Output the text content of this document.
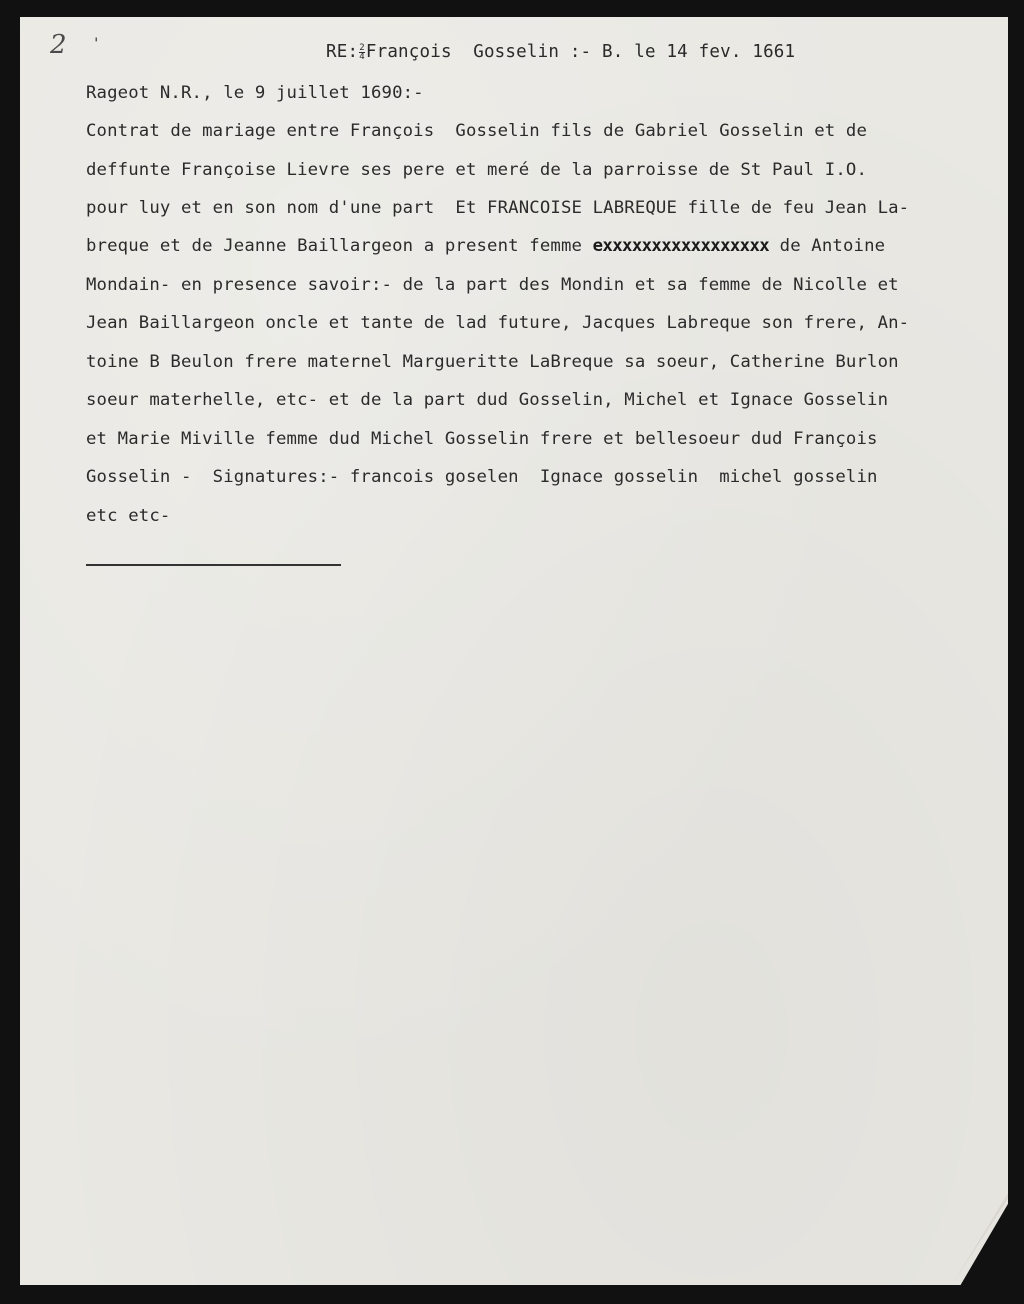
2 '	RE: $\frac{2}{4}$ François  Gosselin :- B. le 14 fev. 1661
Rageot N.R., le 9 juillet 1690:-
Contrat de mariage entre François  Gosselin fils de Gabriel Gosselin et de
deffunte Françoise Lievre ses pere et meré de la parroisse de St Paul I.O.
pour luy et en son nom d'une part  Et FRANCOISE LABREQUE fille de feu Jean La-
breque et de Jeanne Baillargeon a present femme exxxxxxxxxxxxxxxxx de Antoine
Mondain- en presence savoir:- de la part des Mondin et sa femme de Nicolle et
Jean Baillargeon oncle et tante de lad future, Jacques Labreque son frere, An-
toine B Beulon frere maternel Margueritte LaBreque sa soeur, Catherine Burlon
soeur materhelle, etc- et de la part dud Gosselin, Michel et Ignace Gosselin
et Marie Miville femme dud Michel Gosselin frere et bellesoeur dud François
Gosselin -  Signatures:- francois goselen  Ignace gosselin  michel gosselin
etc etc-
